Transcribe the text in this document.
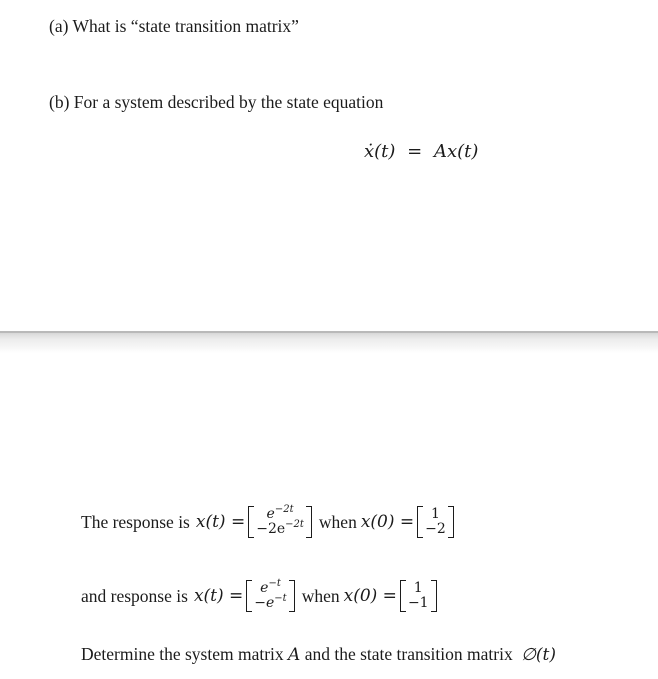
(a) What is “state transition matrix”
(b) For a system described by the state equation
ẋ(t) = Ax(t)
The response is $x(t) = e^{-2t}$
$-2e^{-2t}$ when x(0) = 1
−2
and response is $x(t) = e^{-t}$
$-e^{-t}$ when x(0) = 1
−1
Determine the system matrix A and the state transition matrix ∅(t)
